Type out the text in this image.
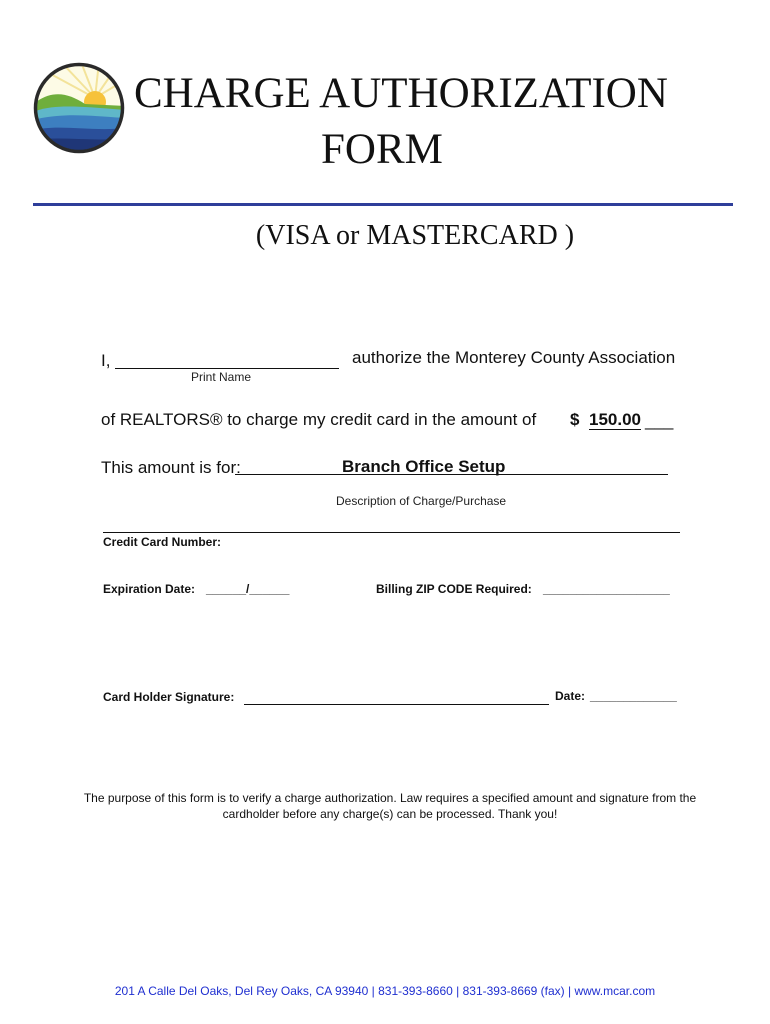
CHARGE AUTHORIZATION
FORM
(VISA or MASTERCARD )
I,	authorize the Monterey County Association
Print Name
of REALTORS® to charge my credit card in the amount of $ 150.00 ___
This amount is for:	Branch Office Setup
Description of Charge/Purchase
Credit Card Number:
Expiration Date: ______/______	Billing ZIP CODE Required: ___________________
Card Holder Signature:	Date: _____________
The purpose of this form is to verify a charge authorization. Law requires a specified amount and signature from the
cardholder before any charge(s) can be processed. Thank you!
201 A Calle Del Oaks, Del Rey Oaks, CA 93940 | 831-393-8660 | 831-393-8669 (fax) | www.mcar.com
